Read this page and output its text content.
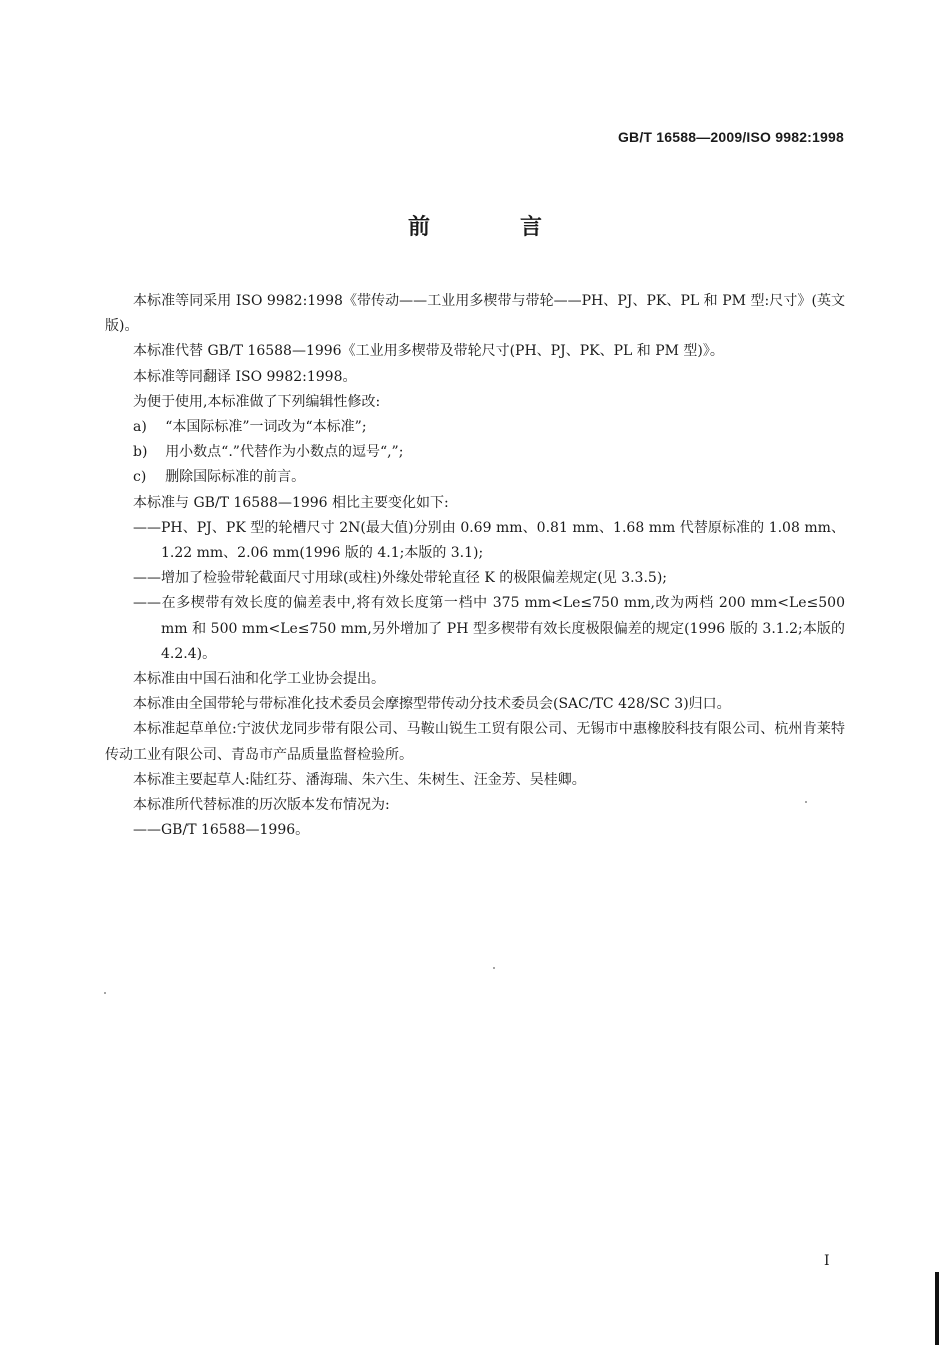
GB/T 16588—2009/ISO 9982:1998
前　言

本标准等同采用 ISO 9982:1998《带传动——工业用多楔带与带轮——PH、PJ、PK、PL 和 PM 型:尺寸》(英文版)。

本标准代替 GB/T 16588—1996《工业用多楔带及带轮尺寸(PH、PJ、PK、PL 和 PM 型)》。

本标准等同翻译 ISO 9982:1998。

为便于使用,本标准做了下列编辑性修改:

a) “本国际标准”一词改为“本标准”;

b) 用小数点“.”代替作为小数点的逗号“,”;

c) 删除国际标准的前言。

本标准与 GB/T 16588—1996 相比主要变化如下:

——PH、PJ、PK 型的轮槽尺寸 2N(最大值)分别由 0.69 mm、0.81 mm、1.68 mm 代替原标准的 1.08 mm、1.22 mm、2.06 mm(1996 版的 4.1;本版的 3.1);

——增加了检验带轮截面尺寸用球(或柱)外缘处带轮直径 K 的极限偏差规定(见 3.3.5);

——在多楔带有效长度的偏差表中,将有效长度第一档中 375 mm<Le≤750 mm,改为两档 200 mm<Le≤500 mm 和 500 mm<Le≤750 mm,另外增加了 PH 型多楔带有效长度极限偏差的规定(1996 版的 3.1.2;本版的 4.2.4)。

本标准由中国石油和化学工业协会提出。

本标准由全国带轮与带标准化技术委员会摩擦型带传动分技术委员会(SAC/TC 428/SC 3)归口。

本标准起草单位:宁波伏龙同步带有限公司、马鞍山锐生工贸有限公司、无锡市中惠橡胶科技有限公司、杭州肯莱特传动工业有限公司、青岛市产品质量监督检验所。

本标准主要起草人:陆红芬、潘海瑞、朱六生、朱树生、汪金芳、吴桂卿。

本标准所代替标准的历次版本发布情况为:

——GB/T 16588—1996。

I
